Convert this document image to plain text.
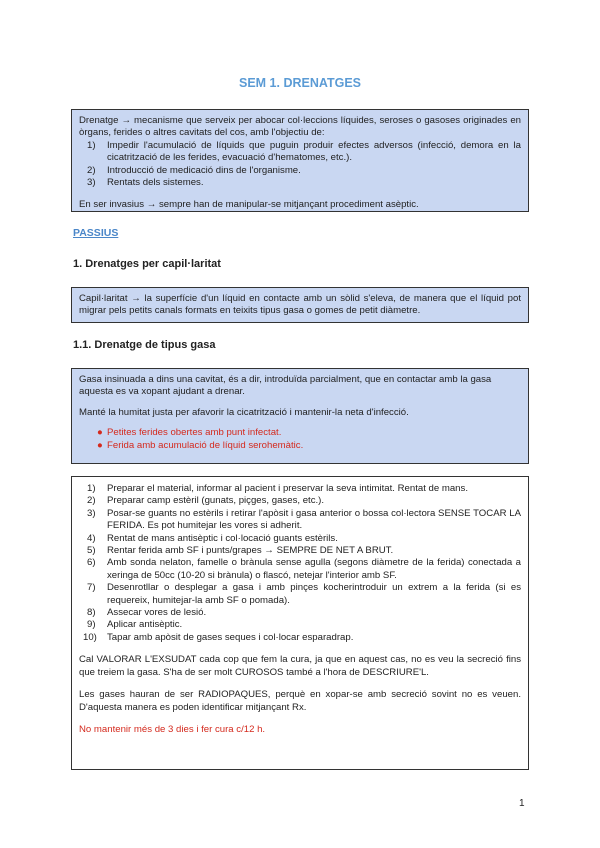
SEM 1. DRENATGES

Drenatge → mecanisme que serveix per abocar col·leccions líquides, seroses o gasoses originades en òrgans, ferides o altres cavitats del cos, amb l'objectiu de:

1) Impedir l'acumulació de líquids que puguin produir efectes adversos (infecció, demora en la cicatrització de les ferides, evacuació d'hematomes, etc.).
2) Introducció de medicació dins de l'organisme.
3) Rentats dels sistemes.

En ser invasius → sempre han de manipular-se mitjançant procediment asèptic.

PASSIUS
1. Drenatges per capil·laritat

Capil·laritat → la superfície d'un líquid en contacte amb un sòlid s'eleva, de manera que el líquid pot migrar pels petits canals formats en teixits tipus gasa o gomes de petit diàmetre.

1.1. Drenatge de tipus gasa

Gasa insinuada a dins una cavitat, és a dir, introduïda parcialment, que en contactar amb la gasa aquesta es va xopant ajudant a drenar.

Manté la humitat justa per afavorir la cicatrització i mantenir-la neta d'infecció.

● Petites ferides obertes amb punt infectat.
● Ferida amb acumulació de líquid serohemàtic.
1) Preparar el material, informar al pacient i preservar la seva intimitat. Rentat de mans.
2) Preparar camp estèril (gunats, piçges, gases, etc.).
3) Posar-se guants no estèrils i retirar l'apòsit i gasa anterior o bossa col·lectora SENSE TOCAR LA FERIDA. Es pot humitejar les vores si adherit.
4) Rentat de mans antisèptic i col·locació guants estèrils.
5) Rentar ferida amb SF i punts/grapes → SEMPRE DE NET A BRUT.
6) Amb sonda nelaton, famelle o brànula sense agulla (segons diàmetre de la ferida) conectada a xeringa de 50cc (10-20 si brànula) o flascó, netejar l'interior amb SF.
7) Desenrotllar o desplegar a gasa i amb pinçes kocherintroduir un extrem a la ferida (si es requereix, humitejar-la amb SF o pomada).
8) Assecar vores de lesió.
9) Aplicar antisèptic.
10) Tapar amb apòsit de gases seques i col·locar esparadrap.

Cal VALORAR L'EXSUDAT cada cop que fem la cura, ja que en aquest cas, no es veu la secreció fins que treiem la gasa. S'ha de ser molt CUROSOS també a l'hora de DESCRIURE'L.

Les gases hauran de ser RADIOPAQUES, perquè en xopar-se amb secreció sovint no es veuen. D'aquesta manera es poden identificar mitjançant Rx.

No mantenir més de 3 dies i fer cura c/12 h.

1
